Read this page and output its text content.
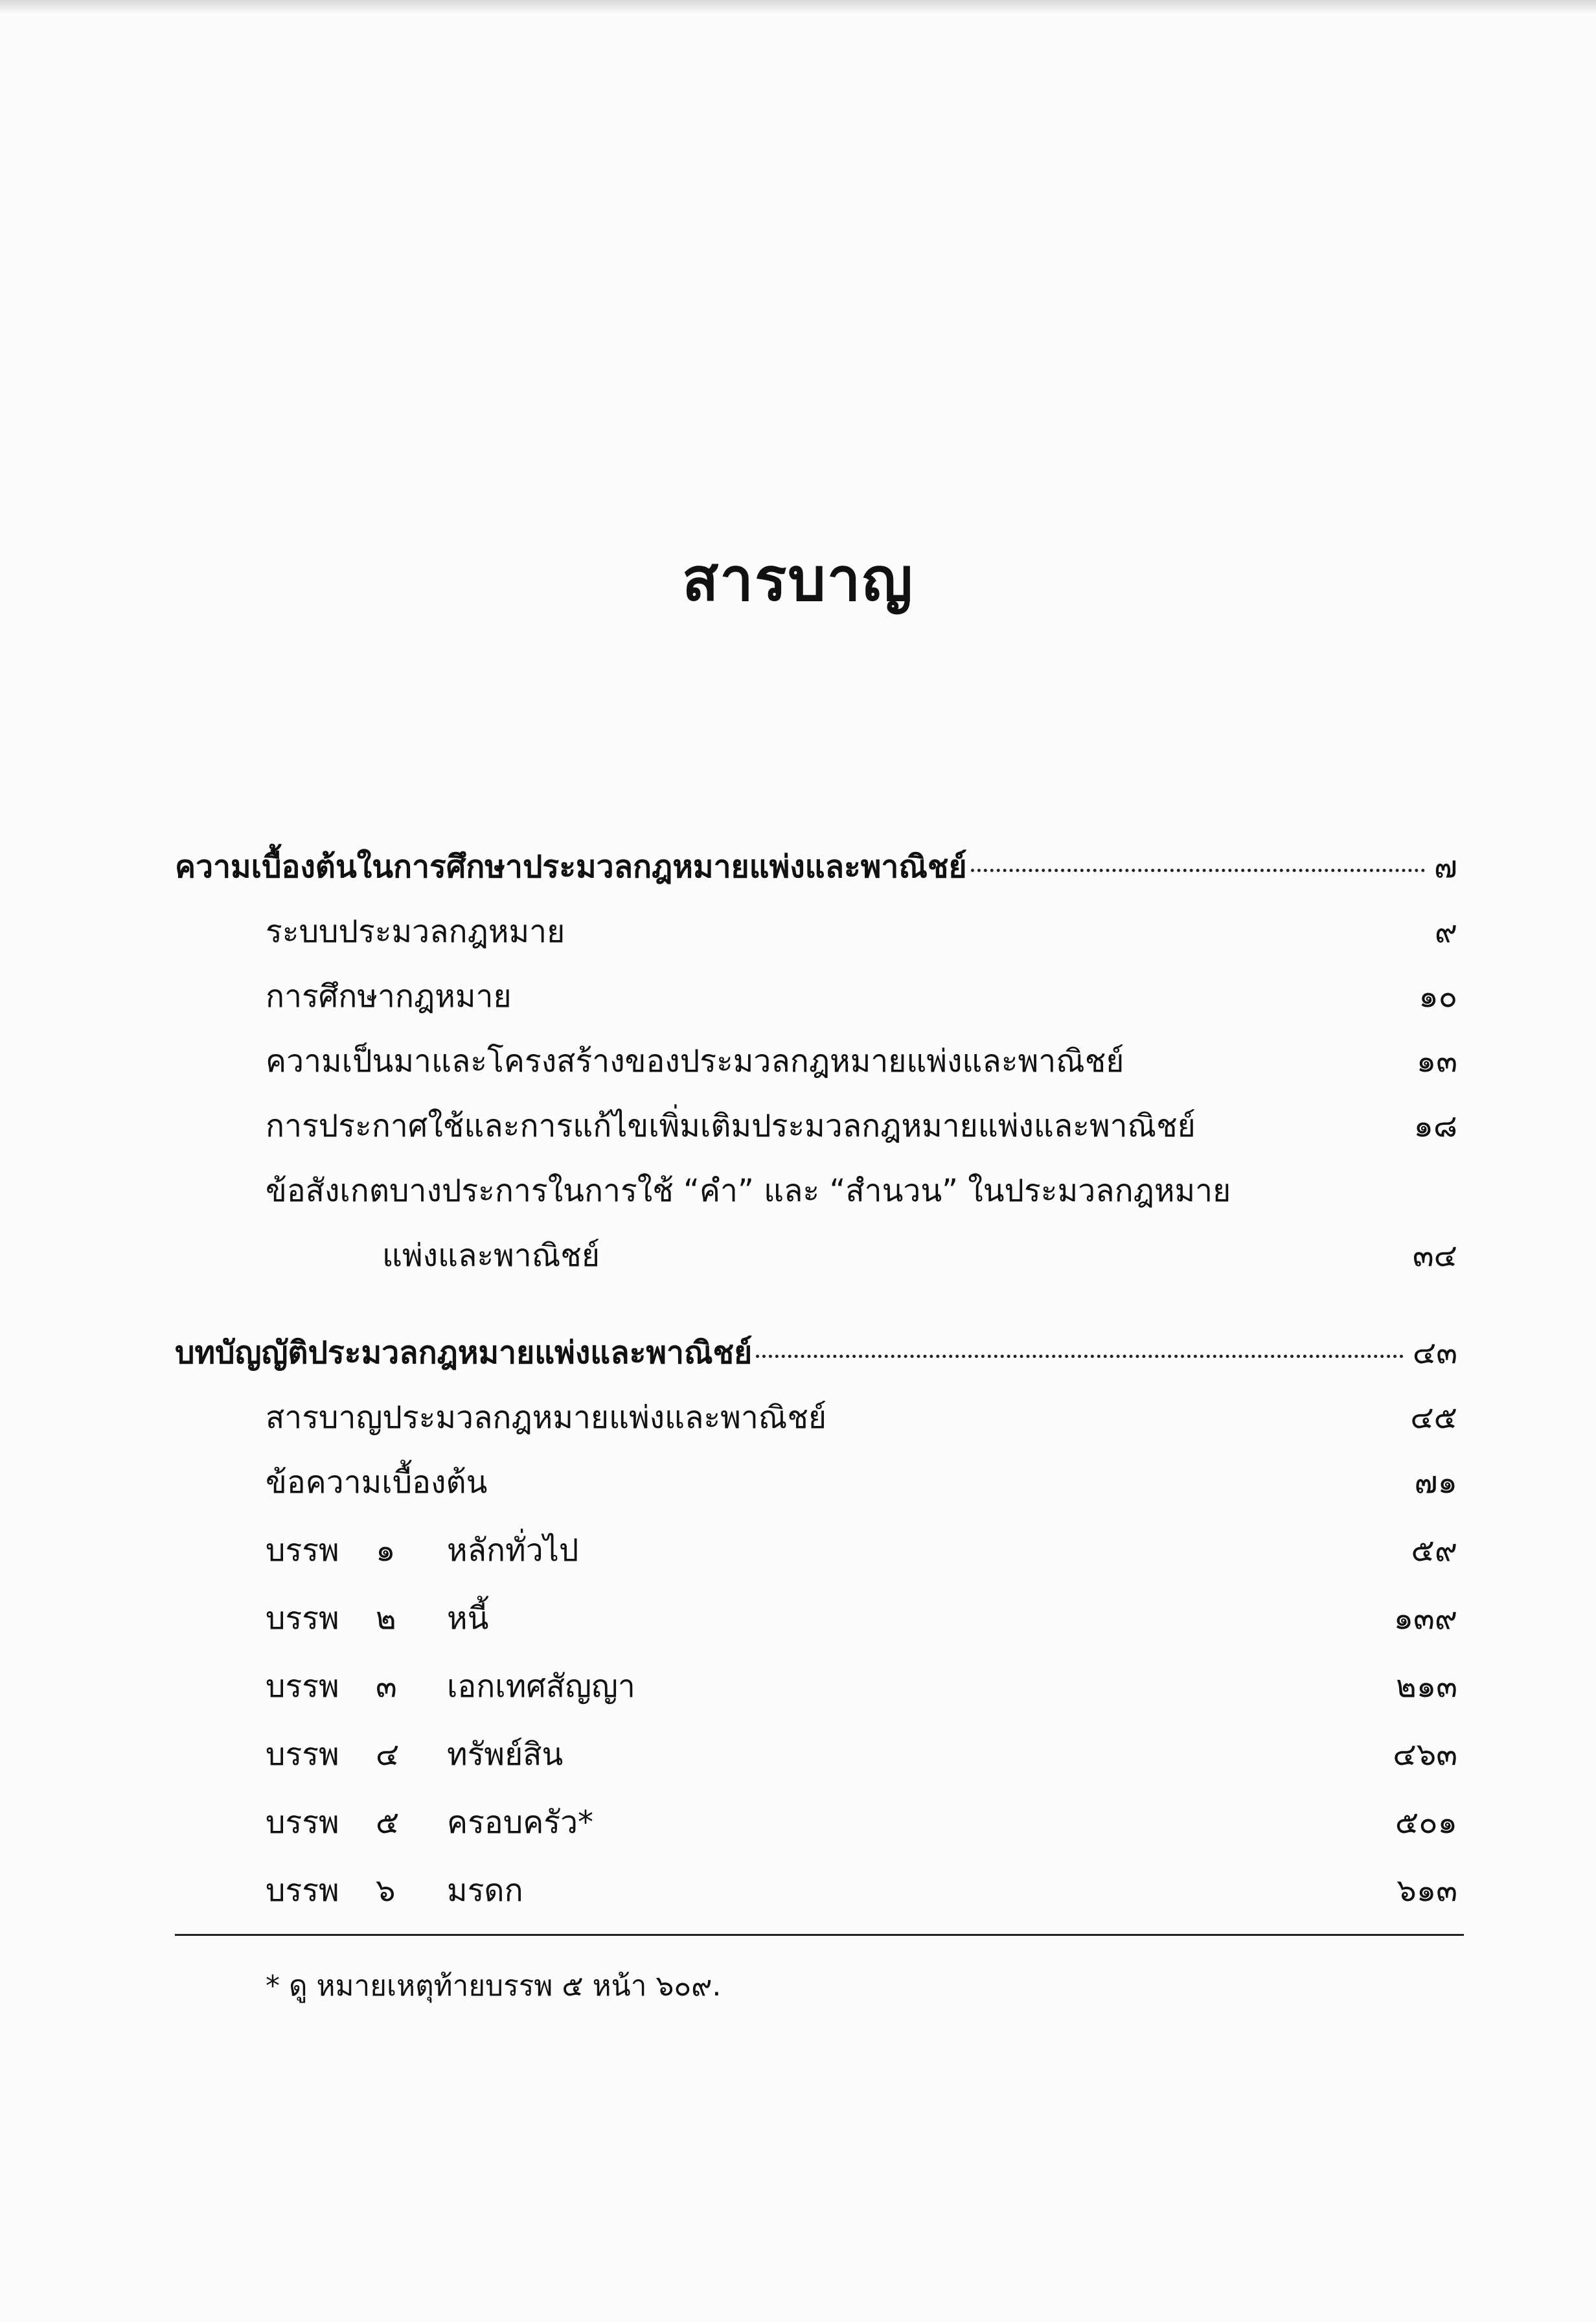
สารบาญ
ความเบื้องต้นในการศึกษาประมวลกฎหมายแพ่งและพาณิชย์	๗
ระบบประมวลกฎหมาย	๙
การศึกษากฎหมาย	๑๐
ความเป็นมาและโครงสร้างของประมวลกฎหมายแพ่งและพาณิชย์	๑๓
การประกาศใช้และการแก้ไขเพิ่มเติมประมวลกฎหมายแพ่งและพาณิชย์	๑๘
ข้อสังเกตบางประการในการใช้ “คำ” และ “สำนวน” ในประมวลกฎหมาย
แพ่งและพาณิชย์	๓๔
บทบัญญัติประมวลกฎหมายแพ่งและพาณิชย์	๔๓
สารบาญประมวลกฎหมายแพ่งและพาณิชย์	๔๕
ข้อความเบื้องต้น	๗๑
บรรพ	๑	หลักทั่วไป	๕๙
บรรพ	๒	หนี้	๑๓๙
บรรพ	๓	เอกเทศสัญญา	๒๑๓
บรรพ	๔	ทรัพย์สิน	๔๖๓
บรรพ	๕	ครอบครัว*	๕๐๑
บรรพ	๖	มรดก	๖๑๓
* ดู หมายเหตุท้ายบรรพ ๕ หน้า ๖๐๙.
